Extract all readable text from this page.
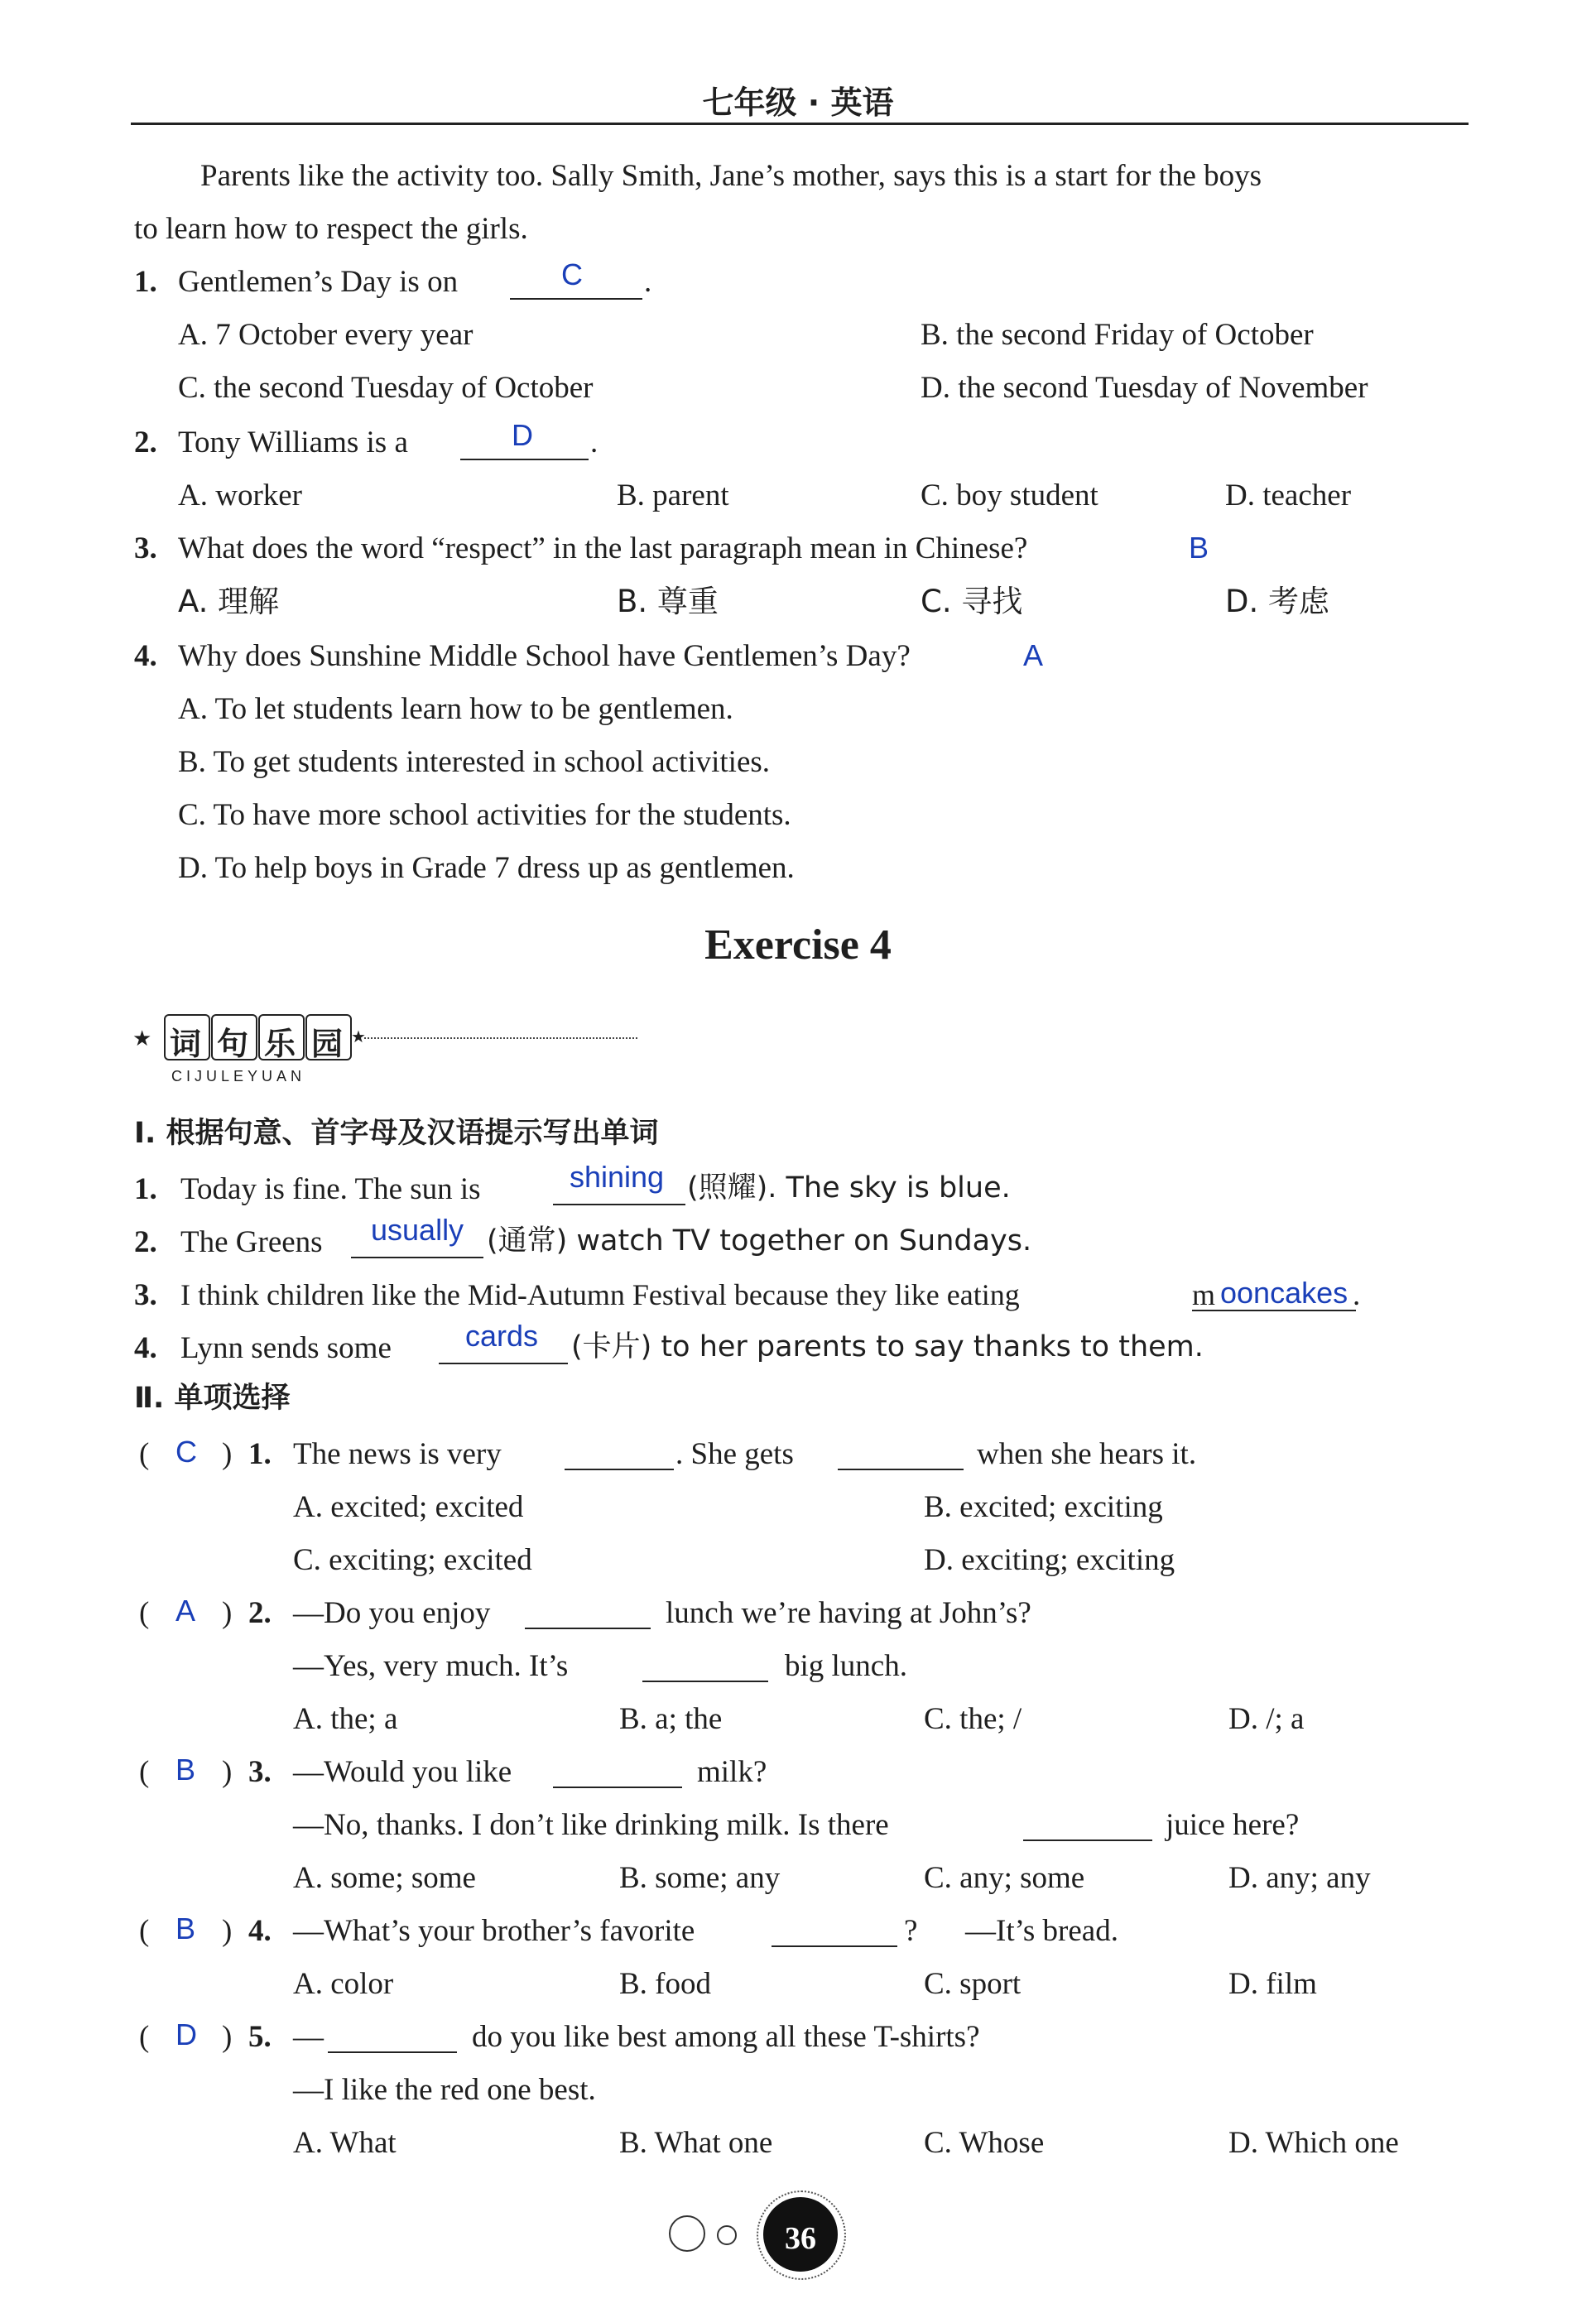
七年级 · 英语
Parents like the activity too. Sally Smith, Jane’s mother, says this is a start for the boys
to learn how to respect the girls.
1. Gentlemen’s Day is on	C .
A. 7 October every year	B. the second Friday of October
C. the second Tuesday of October	D. the second Tuesday of November
2. Tony Williams is a	D .
A. worker	B. parent	C. boy student	D. teacher
3. What does the word “respect” in the last paragraph mean in Chinese?	B
A. 理解	B. 尊重	C. 寻找	D. 考虑
4. Why does Sunshine Middle School have Gentlemen’s Day?	A
A. To let students learn how to be gentlemen.
B. To get students interested in school activities.
C. To have more school activities for the students.
D. To help boys in Grade 7 dress up as gentlemen.
Exercise 4
★ 词 句 乐 园 ★
CIJULEYUAN
Ⅰ. 根据句意、首字母及汉语提示写出单词
1. Today is fine. The sun is	shining (照耀). The sky is blue.
2. The Greens usually (通常) watch TV together on Sundays.
3. I think children like the Mid-Autumn Festival because they like eating	m ooncakes .
4. Lynn sends some cards (卡片) to her parents to say thanks to them.
Ⅱ. 单项选择
( C ) 1. The news is very	. She gets	when she hears it.
A. excited; excited	B. excited; exciting
C. exciting; excited	D. exciting; exciting
( A ) 2. —Do you enjoy	lunch we’re having at John’s?
—Yes, very much. It’s	big lunch.
A. the; a	B. a; the	C. the; /	D. /; a
( B ) 3. —Would you like	milk?
—No, thanks. I don’t like drinking milk. Is there	juice here?
A. some; some	B. some; any	C. any; some	D. any; any
( B ) 4. —What’s your brother’s favorite	? —It’s bread.
A. color	B. food	C. sport	D. film
( D ) 5. —	do you like best among all these T-shirts?
—I like the red one best.
A. What	B. What one	C. Whose	D. Which one
36
